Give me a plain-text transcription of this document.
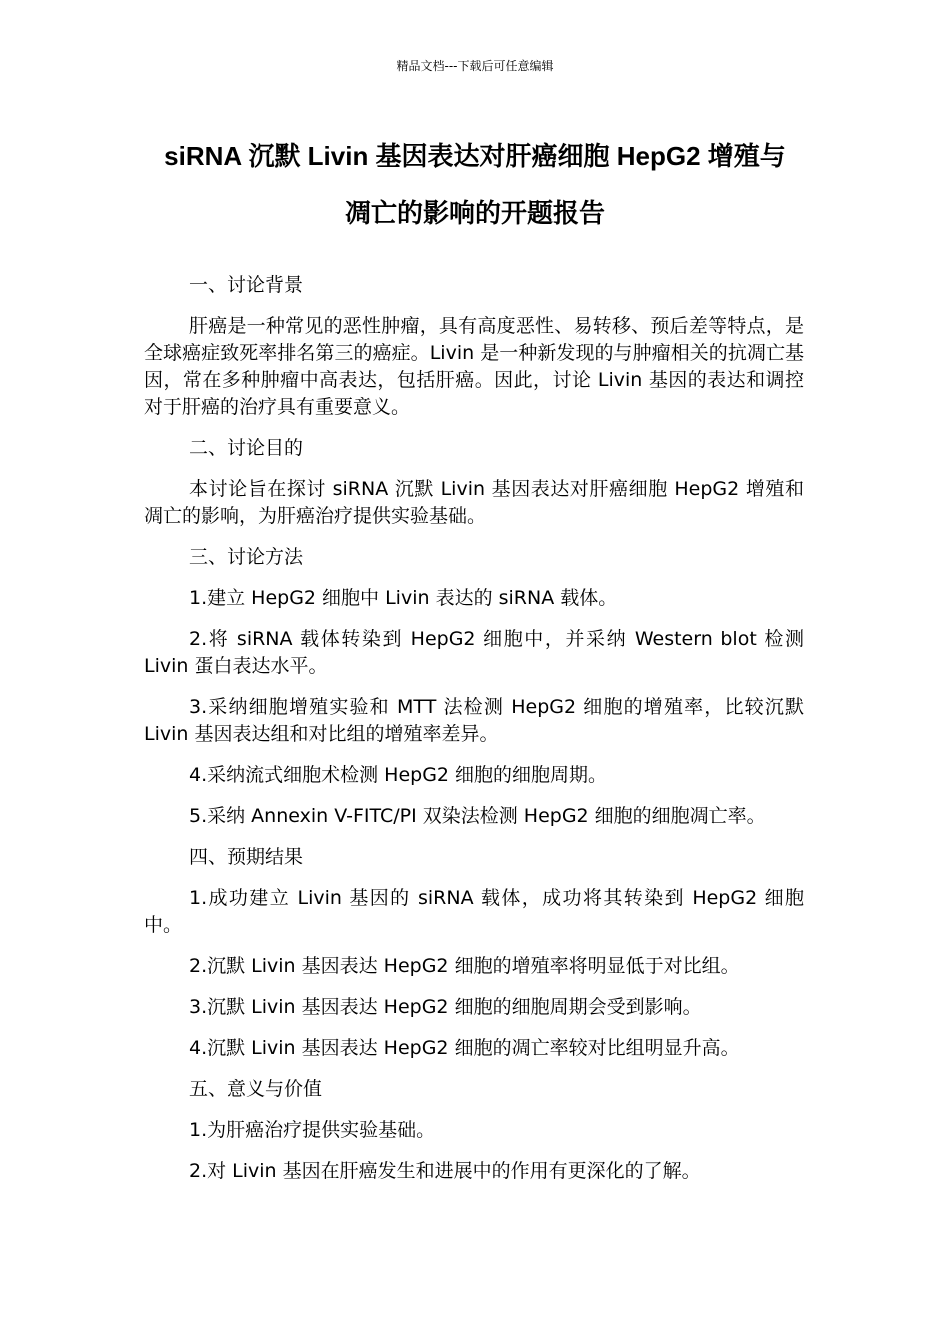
精品文档---下载后可任意编辑
siRNA 沉默 Livin 基因表达对肝癌细胞 HepG2 增殖与
凋亡的影响的开题报告

一、讨论背景

肝癌是一种常见的恶性肿瘤，具有高度恶性、易转移、预后差等特点，是全球癌症致死率排名第三的癌症。Livin 是一种新发现的与肿瘤相关的抗凋亡基因，常在多种肿瘤中高表达，包括肝癌。因此，讨论 Livin 基因的表达和调控对于肝癌的治疗具有重要意义。

二、讨论目的

本讨论旨在探讨 siRNA 沉默 Livin 基因表达对肝癌细胞 HepG2 增殖和凋亡的影响，为肝癌治疗提供实验基础。

三、讨论方法

1.建立 HepG2 细胞中 Livin 表达的 siRNA 载体。

2.将 siRNA 载体转染到 HepG2 细胞中，并采纳 Western blot 检测 Livin 蛋白表达水平。

3.采纳细胞增殖实验和 MTT 法检测 HepG2 细胞的增殖率，比较沉默 Livin 基因表达组和对比组的增殖率差异。

4.采纳流式细胞术检测 HepG2 细胞的细胞周期。

5.采纳 Annexin V-FITC/PI 双染法检测 HepG2 细胞的细胞凋亡率。

四、预期结果

1.成功建立 Livin 基因的 siRNA 载体，成功将其转染到 HepG2 细胞中。

2.沉默 Livin 基因表达 HepG2 细胞的增殖率将明显低于对比组。

3.沉默 Livin 基因表达 HepG2 细胞的细胞周期会受到影响。

4.沉默 Livin 基因表达 HepG2 细胞的凋亡率较对比组明显升高。

五、意义与价值

1.为肝癌治疗提供实验基础。

2.对 Livin 基因在肝癌发生和进展中的作用有更深化的了解。
